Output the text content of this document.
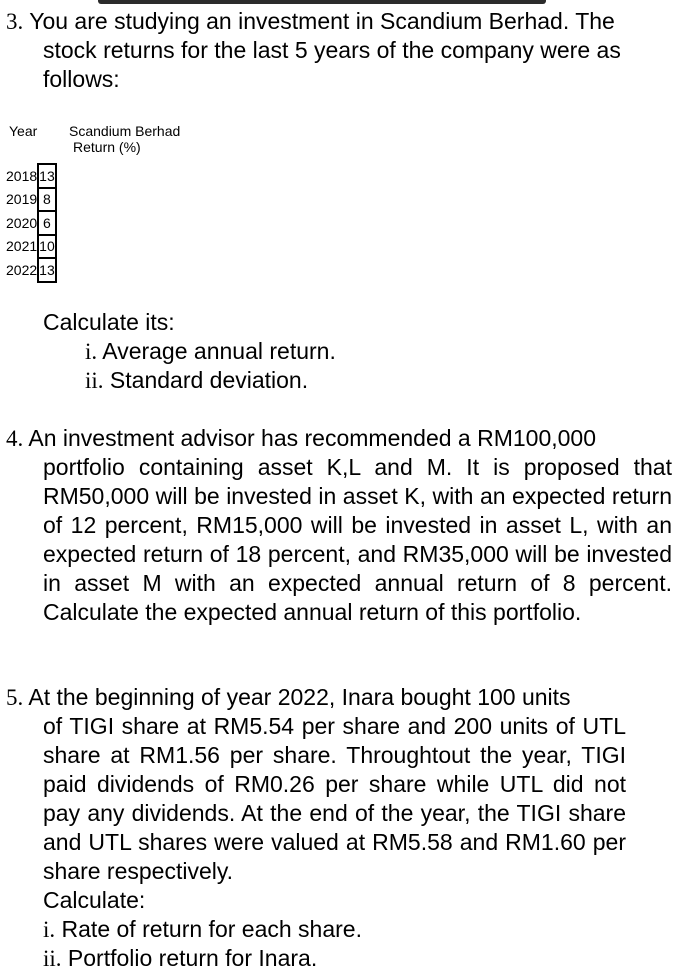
3. You are studying an investment in Scandium Berhad. The
stock returns for the last 5 years of the company were as follows:
Year Scandium Berhad
Return (%)
2018	13
2019	8
2020	6
2021	10
2022	13
Calculate its:
i. Average annual return.
ii. Standard deviation.
4. An investment advisor has recommended a RM100,000
portfolio containing asset K,L and M. It is proposed that RM50,000 will be invested in asset K, with an expected return of 12 percent, RM15,000 will be invested in asset L, with an expected return of 18 percent, and RM35,000 will be invested in asset M with an expected annual return of 8 percent. Calculate the expected annual return of this portfolio.
5. At the beginning of year 2022, Inara bought 100 units
of TIGI share at RM5.54 per share and 200 units of UTL share at RM1.56 per share. Throughtout the year, TIGI paid dividends of RM0.26 per share while UTL did not pay any dividends. At the end of the year, the TIGI share and UTL shares were valued at RM5.58 and RM1.60 per share respectively.
Calculate:
i. Rate of return for each share.
ii. Portfolio return for Inara.
